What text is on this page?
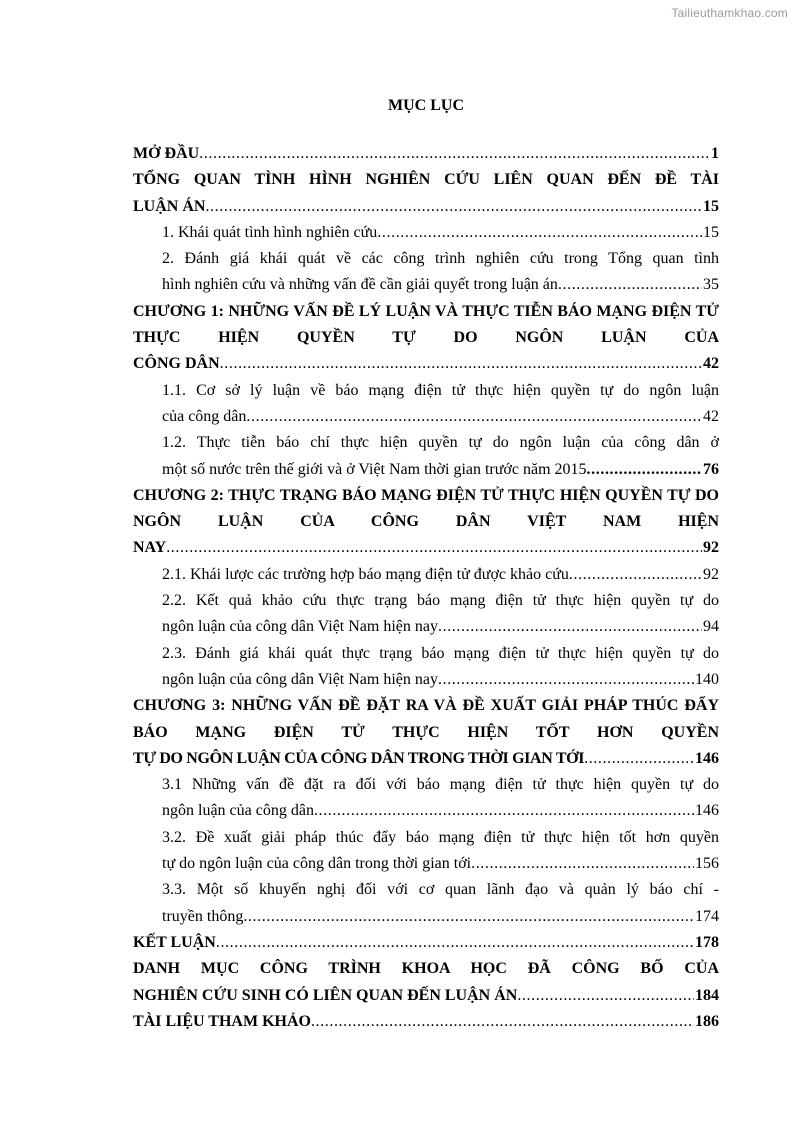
Tailieuthamkhao.com
MỤC LỤC
MỞ ĐẦU .....	1
TỔNG QUAN TÌNH HÌNH NGHIÊN CỨU LIÊN QUAN ĐẾN ĐỀ TÀI
LUẬN ÁN .....	15
1. Khái quát tình hình nghiên cứu .....	15
2. Đánh giá khái quát về các công trình nghiên cứu trong Tổng quan tình
hình nghiên cứu và những vấn đề cần giải quyết trong luận án .....	35
CHƯƠNG 1: NHỮNG VẤN ĐỀ LÝ LUẬN VÀ THỰC TIỄN BÁO MẠNG ĐIỆN TỬ THỰC HIỆN QUYỀN TỰ DO NGÔN LUẬN CỦA
CÔNG DÂN .....	42
1.1. Cơ sở lý luận về báo mạng điện tử thực hiện quyền tự do ngôn luận
của công dân .....	42
1.2. Thực tiễn báo chí thực hiện quyền tự do ngôn luận của công dân ở
một số nước trên thế giới và ở Việt Nam thời gian trước năm 2015 .....	76
CHƯƠNG 2: THỰC TRẠNG BÁO MẠNG ĐIỆN TỬ THỰC HIỆN QUYỀN TỰ DO NGÔN LUẬN CỦA CÔNG DÂN VIỆT NAM HIỆN
NAY .....	92
2.1. Khái lược các trường hợp báo mạng điện tử được khảo cứu .....	92
2.2. Kết quả khảo cứu thực trạng báo mạng điện tử thực hiện quyền tự do
ngôn luận của công dân Việt Nam hiện nay .....	94
2.3. Đánh giá khái quát thực trạng báo mạng điện tử thực hiện quyền tự do
ngôn luận của công dân Việt Nam hiện nay .....	140
CHƯƠNG 3: NHỮNG VẤN ĐỀ ĐẶT RA VÀ ĐỀ XUẤT GIẢI PHÁP THÚC ĐẨY BÁO MẠNG ĐIỆN TỬ THỰC HIỆN TỐT HƠN QUYỀN
TỰ DO NGÔN LUẬN CỦA CÔNG DÂN TRONG THỜI GIAN TỚI .....	146
3.1 Những vấn đề đặt ra đối với báo mạng điện tử thực hiện quyền tự do
ngôn luận của công dân .....	146
3.2. Đề xuất giải pháp thúc đẩy báo mạng điện tử thực hiện tốt hơn quyền
tự do ngôn luận của công dân trong thời gian tới .....	156
3.3. Một số khuyến nghị đối với cơ quan lãnh đạo và quản lý báo chí -
truyền thông .....	174
KẾT LUẬN .....	178
DANH MỤC CÔNG TRÌNH KHOA HỌC ĐÃ CÔNG BỐ CỦA
NGHIÊN CỨU SINH CÓ LIÊN QUAN ĐẾN LUẬN ÁN .....	184
TÀI LIỆU THAM KHẢO .....	186
